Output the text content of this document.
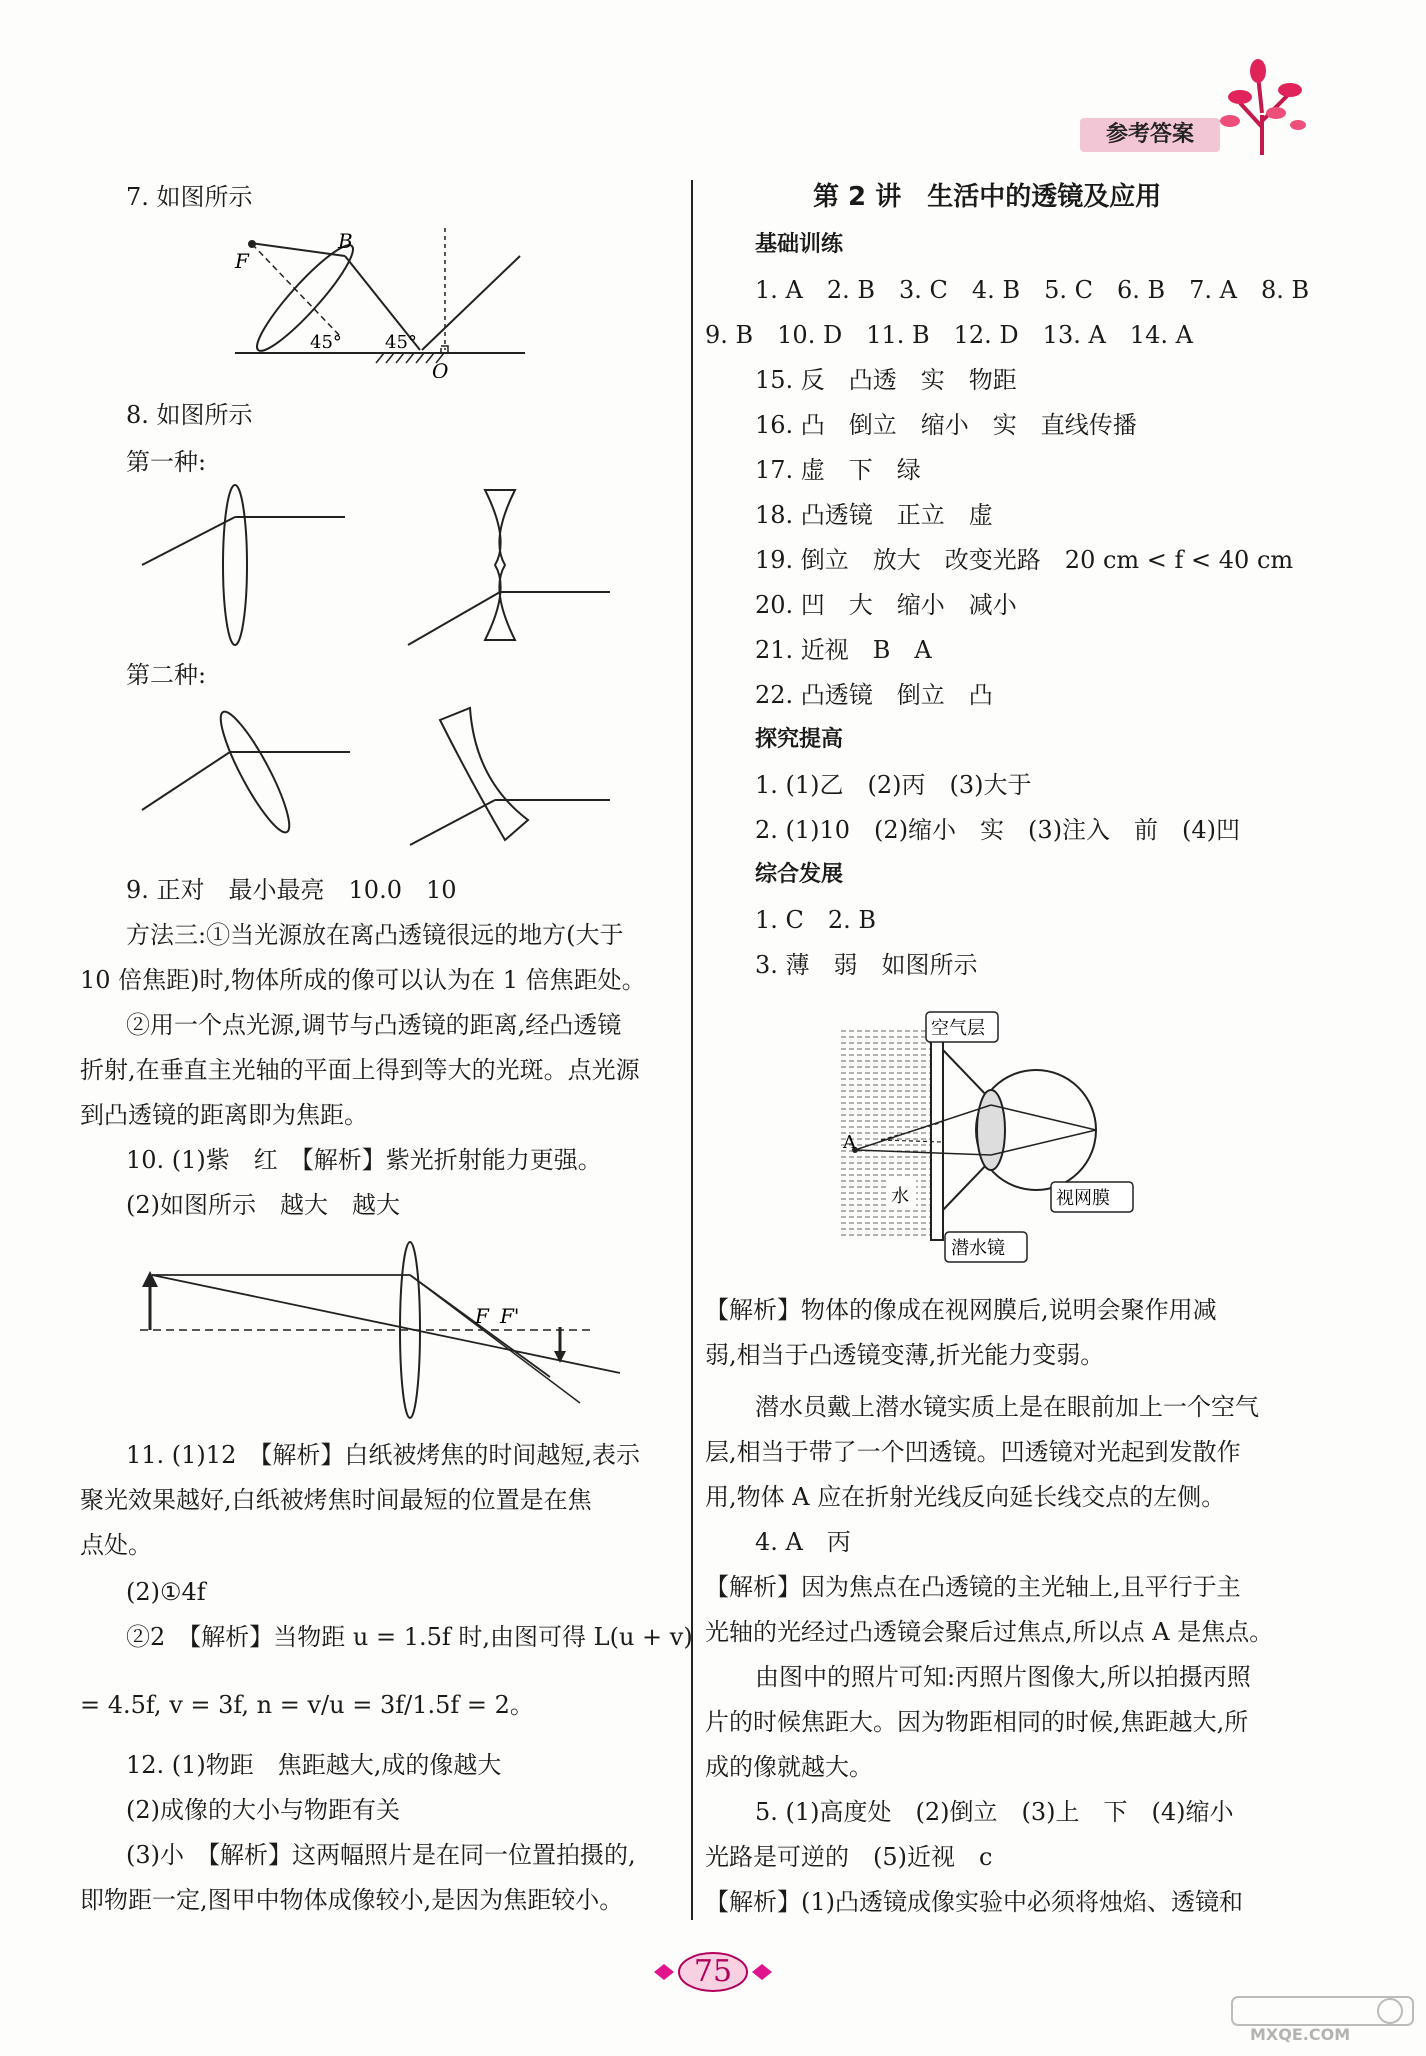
参考答案
7. 如图所示
F
B
45° 45°
O
8. 如图所示
第一种:
第二种:
9. 正对　最小最亮　10.0　10
方法三:①当光源放在离凸透镜很远的地方(大于
10 倍焦距)时,物体所成的像可以认为在 1 倍焦距处。
②用一个点光源,调节与凸透镜的距离,经凸透镜
折射,在垂直主光轴的平面上得到等大的光斑。点光源
到凸透镜的距离即为焦距。
10. (1)紫　红　【解析】紫光折射能力更强。
(2)如图所示　越大　越大
F F'
11. (1)12　【解析】白纸被烤焦的时间越短,表示
聚光效果越好,白纸被烤焦时间最短的位置是在焦
点处。
(2)①4f
②2　【解析】当物距 u = 1.5f 时,由图可得 L(u + v)
= 4.5f, v = 3f, n = v/u = 3f/1.5f = 2。
12. (1)物距　焦距越大,成的像越大
(2)成像的大小与物距有关
(3)小　【解析】这两幅照片是在同一位置拍摄的,
即物距一定,图甲中物体成像较小,是因为焦距较小。
第 2 讲　生活中的透镜及应用
基础训练
1. A　2. B　3. C　4. B　5. C　6. B　7. A　8. B
9. B　10. D　11. B　12. D　13. A　14. A
15. 反　凸透　实　物距
16. 凸　倒立　缩小　实　直线传播
17. 虚　下　绿
18. 凸透镜　正立　虚
19. 倒立　放大　改变光路　20 cm < f < 40 cm
20. 凹　大　缩小　减小
21. 近视　B　A
22. 凸透镜　倒立　凸
探究提高
1. (1)乙　(2)丙　(3)大于
2. (1)10　(2)缩小　实　(3)注入　前　(4)凹
综合发展
1. C　2. B
3. 薄　弱　如图所示
A
空气层
水	视网膜
潜水镜
【解析】物体的像成在视网膜后,说明会聚作用减
弱,相当于凸透镜变薄,折光能力变弱。
潜水员戴上潜水镜实质上是在眼前加上一个空气
层,相当于带了一个凹透镜。凹透镜对光起到发散作
用,物体 A 应在折射光线反向延长线交点的左侧。
4. A　丙
【解析】因为焦点在凸透镜的主光轴上,且平行于主
光轴的光经过凸透镜会聚后过焦点,所以点 A 是焦点。
由图中的照片可知:丙照片图像大,所以拍摄丙照
片的时候焦距大。因为物距相同的时候,焦距越大,所
成的像就越大。
5. (1)高度处　(2)倒立　(3)上　下　(4)缩小
光路是可逆的　(5)近视　c
【解析】(1)凸透镜成像实验中必须将烛焰、透镜和
75
MXQE.COM
